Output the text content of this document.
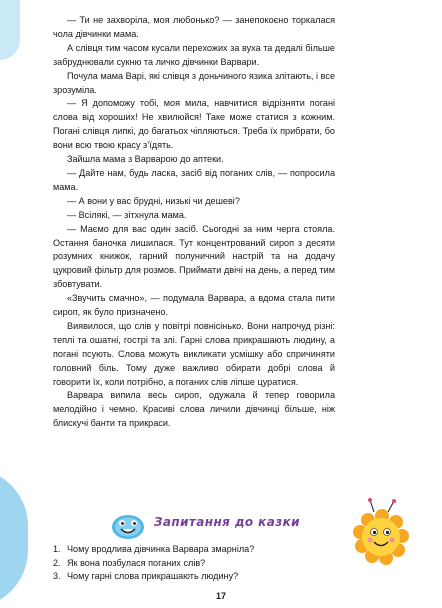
— Ти не захворіла, моя любонько? — занепокоєно торкалася чола дівчинки мама.

А слівця тим часом кусали перехожих за вуха та дедалі більше забруднювали сукню та личко дівчинки Варвари.

Почула мама Варі, які слівця з доньчиного язика злітають, і все зрозуміла.

— Я допоможу тобі, моя мила, навчитися відрізняти погані слова від хороших! Не хвилюйся! Таке може статися з кожним. Погані слівця липкі, до багатьох чіпляються. Треба їх прибрати, бо вони всю твою красу з’їдять.

Зайшла мама з Варварою до аптеки.

— Дайте нам, будь ласка, засіб від поганих слів, — попросила мама.

— А вони у вас брудні, низькі чи дешеві?

— Всілякі, — зітхнула мама.

— Маємо для вас один засіб. Сьогодні за ним черга стояла. Остання баночка лишилася. Тут концентрований сироп з десяти розумних книжок, гарний полуничний настрій та на додачу цукровий фільтр для розмов. Приймати двічі на день, а перед тим збовтувати.

«Звучить смачно», — подумала Варвара, а вдома стала пити сироп, як було призначено.

Виявилося, що слів у повітрі повнісінько. Вони напрочуд різні: теплі та ошатні, гострі та злі. Гарні слова прикрашають людину, а погані псують. Слова можуть викликати усмішку або спричиняти головний біль. Тому дуже важливо обирати добрі слова й говорити їх, коли потрібно, а поганих слів ліпше цуратися.

Варвара випила весь сироп, одужала й тепер говорила мелодійно і чемно. Красиві слова личили дівчинці більше, ніж блискучі банти та прикраси.

Запитання до казки
1. Чому вродлива дівчинка Варвара змарніла?
2. Як вона позбулася поганих слів?
3. Чому гарні слова прикрашають людину?
17
